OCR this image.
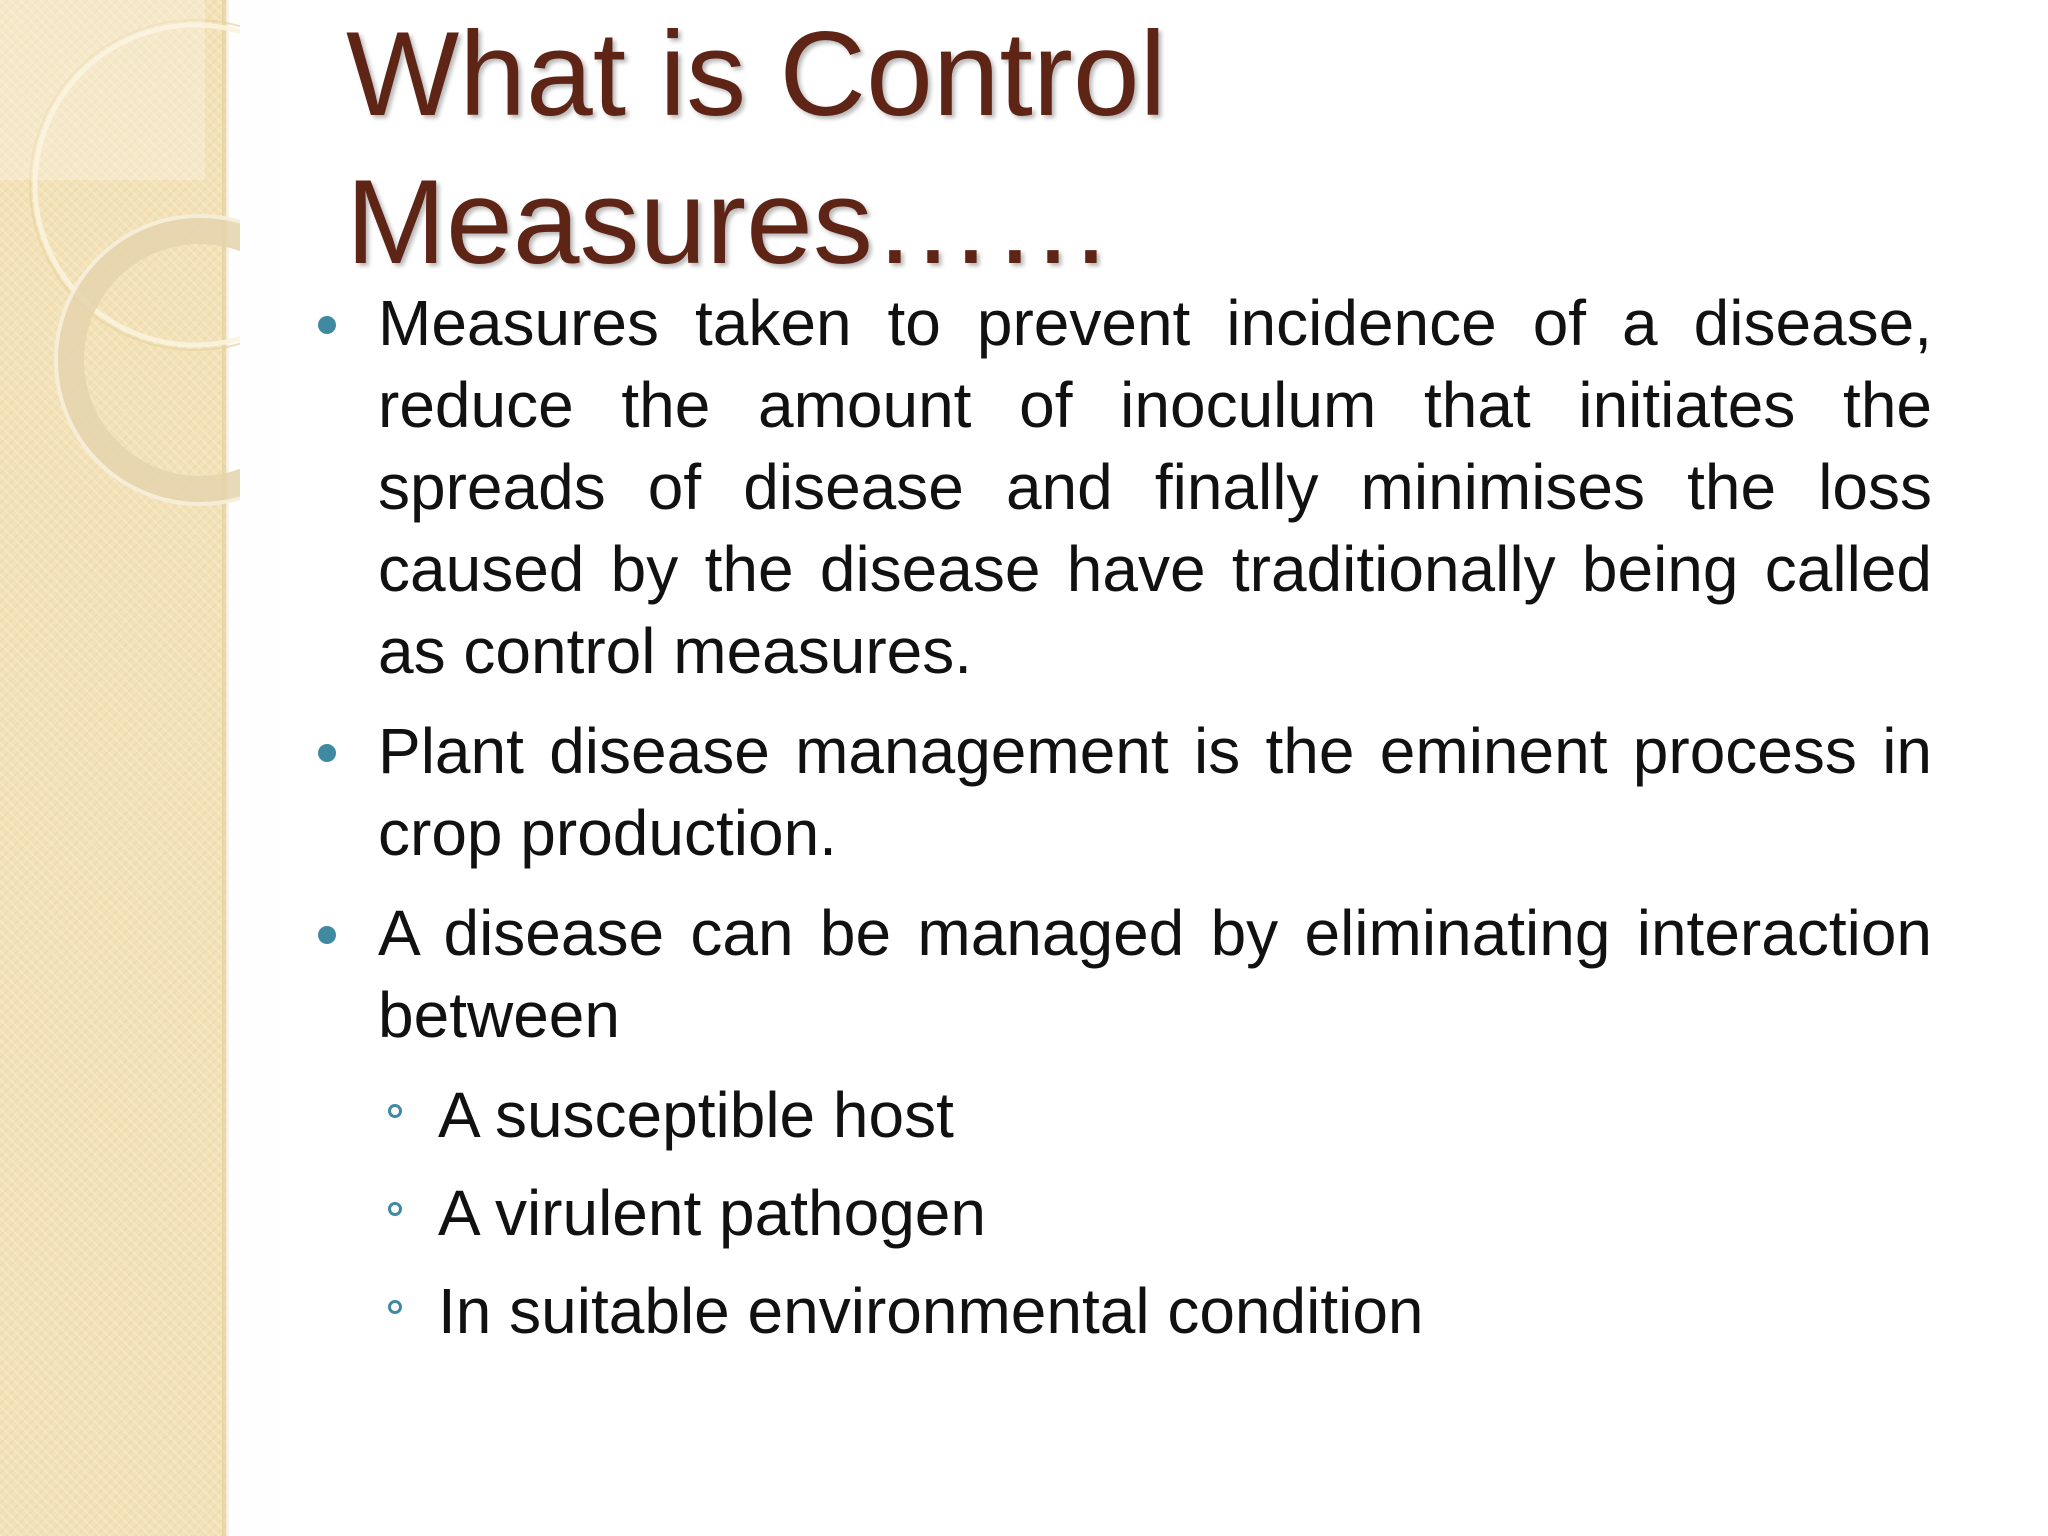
What is Control
Measures……
Measures taken to prevent incidence of a disease, reduce the amount of inoculum that initiates the spreads of disease and finally minimises the loss caused by the disease have traditionally being called as control measures.
Plant disease management is the eminent process in crop production.
A disease can be managed by eliminating interaction between
A susceptible host
A virulent pathogen
In suitable environmental condition
